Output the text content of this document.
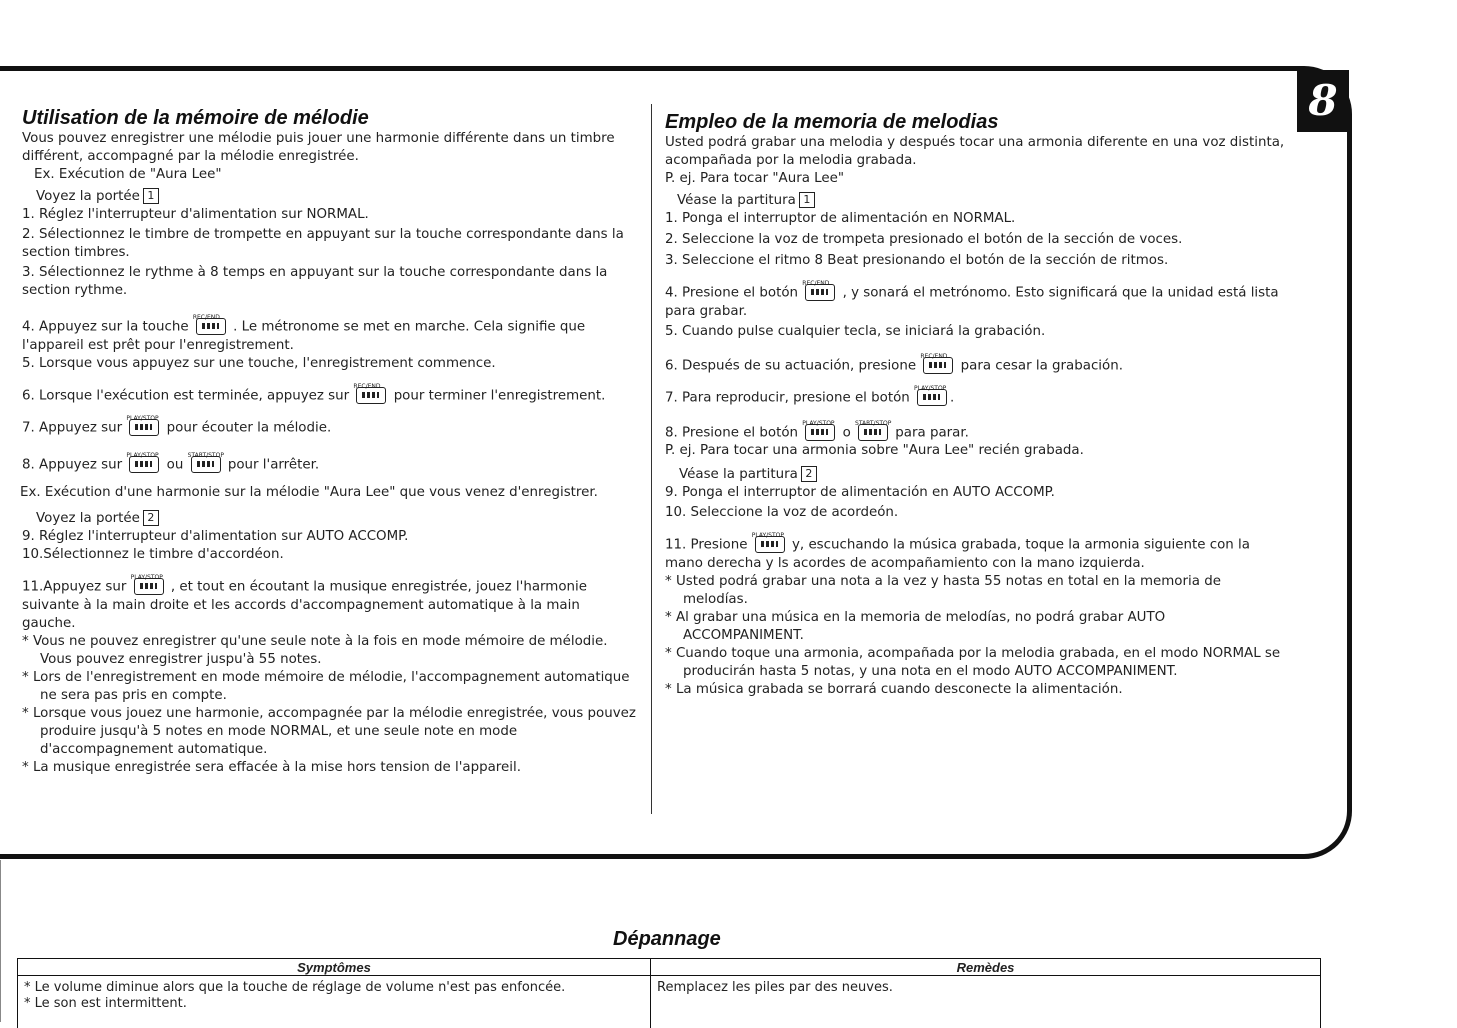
8
Utilisation de la mémoire de mélodie

Vous pouvez enregistrer une mélodie puis jouer une harmonie différente dans un timbre différent, accompagné par la mélodie enregistrée.

Ex. Exécution de "Aura Lee"

Voyez la portée 1

1. Réglez l'interrupteur d'alimentation sur NORMAL.

2. Sélectionnez le timbre de trompette en appuyant sur la touche correspondante dans la section timbres.

3. Sélectionnez le rythme à 8 temps en appuyant sur la touche correspondante dans la section rythme.

4. Appuyez sur la touche
REC/END
. Le métronome se met en marche. Cela signifie que l'appareil est prêt pour l'enregistrement.

5. Lorsque vous appuyez sur une touche, l'enregistrement commence.

6. Lorsque l'exécution est terminée, appuyez sur
REC/END
pour terminer l'enregistrement.

7. Appuyez sur
PLAY/STOP
pour écouter la mélodie.

8. Appuyez sur
PLAY/STOP
ou
START/STOP
pour l'arrêter.

Ex. Exécution d'une harmonie sur la mélodie "Aura Lee" que vous venez d'enregistrer.

Voyez la portée 2

9. Réglez l'interrupteur d'alimentation sur AUTO ACCOMP.

10.Sélectionnez le timbre d'accordéon.

11.Appuyez sur
PLAY/STOP
, et tout en écoutant la musique enregistrée, jouez l'harmonie suivante à la main droite et les accords d'accompagnement automatique à la main gauche.

* Vous ne pouvez enregistrer qu'une seule note à la fois en mode mémoire de mélodie. Vous pouvez enregistrer juspu'à 55 notes.

* Lors de l'enregistrement en mode mémoire de mélodie, l'accompagnement automatique ne sera pas pris en compte.

* Lorsque vous jouez une harmonie, accompagnée par la mélodie enregistrée, vous pouvez produire jusqu'à 5 notes en mode NORMAL, et une seule note en mode d'accompagnement automatique.

* La musique enregistrée sera effacée à la mise hors tension de l'appareil.

Empleo de la memoria de melodias

Usted podrá grabar una melodia y después tocar una armonia diferente en una voz distinta, acompañada por la melodia grabada.

P. ej. Para tocar "Aura Lee"

Véase la partitura 1

1. Ponga el interruptor de alimentación en NORMAL.

2. Seleccione la voz de trompeta presionado el botón de la sección de voces.

3. Seleccione el ritmo 8 Beat presionando el botón de la sección de ritmos.

4. Presione el botón
REC/END
, y sonará el metrónomo. Esto significará que la unidad está lista para grabar.

5. Cuando pulse cualquier tecla, se iniciará la grabación.

6. Después de su actuación, presione
REC/END
para cesar la grabación.

7. Para reproducir, presione el botón
PLAY/STOP
.

8. Presione el botón
PLAY/STOP
o
START/STOP
para parar.

P. ej. Para tocar una armonia sobre "Aura Lee" recién grabada.

Véase la partitura 2

9. Ponga el interruptor de alimentación en AUTO ACCOMP.

10. Seleccione la voz de acordeón.

11. Presione
PLAY/STOP
y, escuchando la música grabada, toque la armonia siguiente con la mano derecha y ls acordes de acompañamiento con la mano izquierda.

* Usted podrá grabar una nota a la vez y hasta 55 notas en total en la memoria de melodías.

* Al grabar una música en la memoria de melodías, no podrá grabar AUTO ACCOMPANIMENT.

* Cuando toque una armonia, acompañada por la melodia grabada, en el modo NORMAL se producirán hasta 5 notas, y una nota en el modo AUTO ACCOMPANIMENT.

* La música grabada se borrará cuando desconecte la alimentación.

Dépannage
Symptômes	Remèdes

* Le volume diminue alors que la touche de réglage de volume n'est pas enfoncée.
* Le son est intermittent.	Remplacez les piles par des neuves.
